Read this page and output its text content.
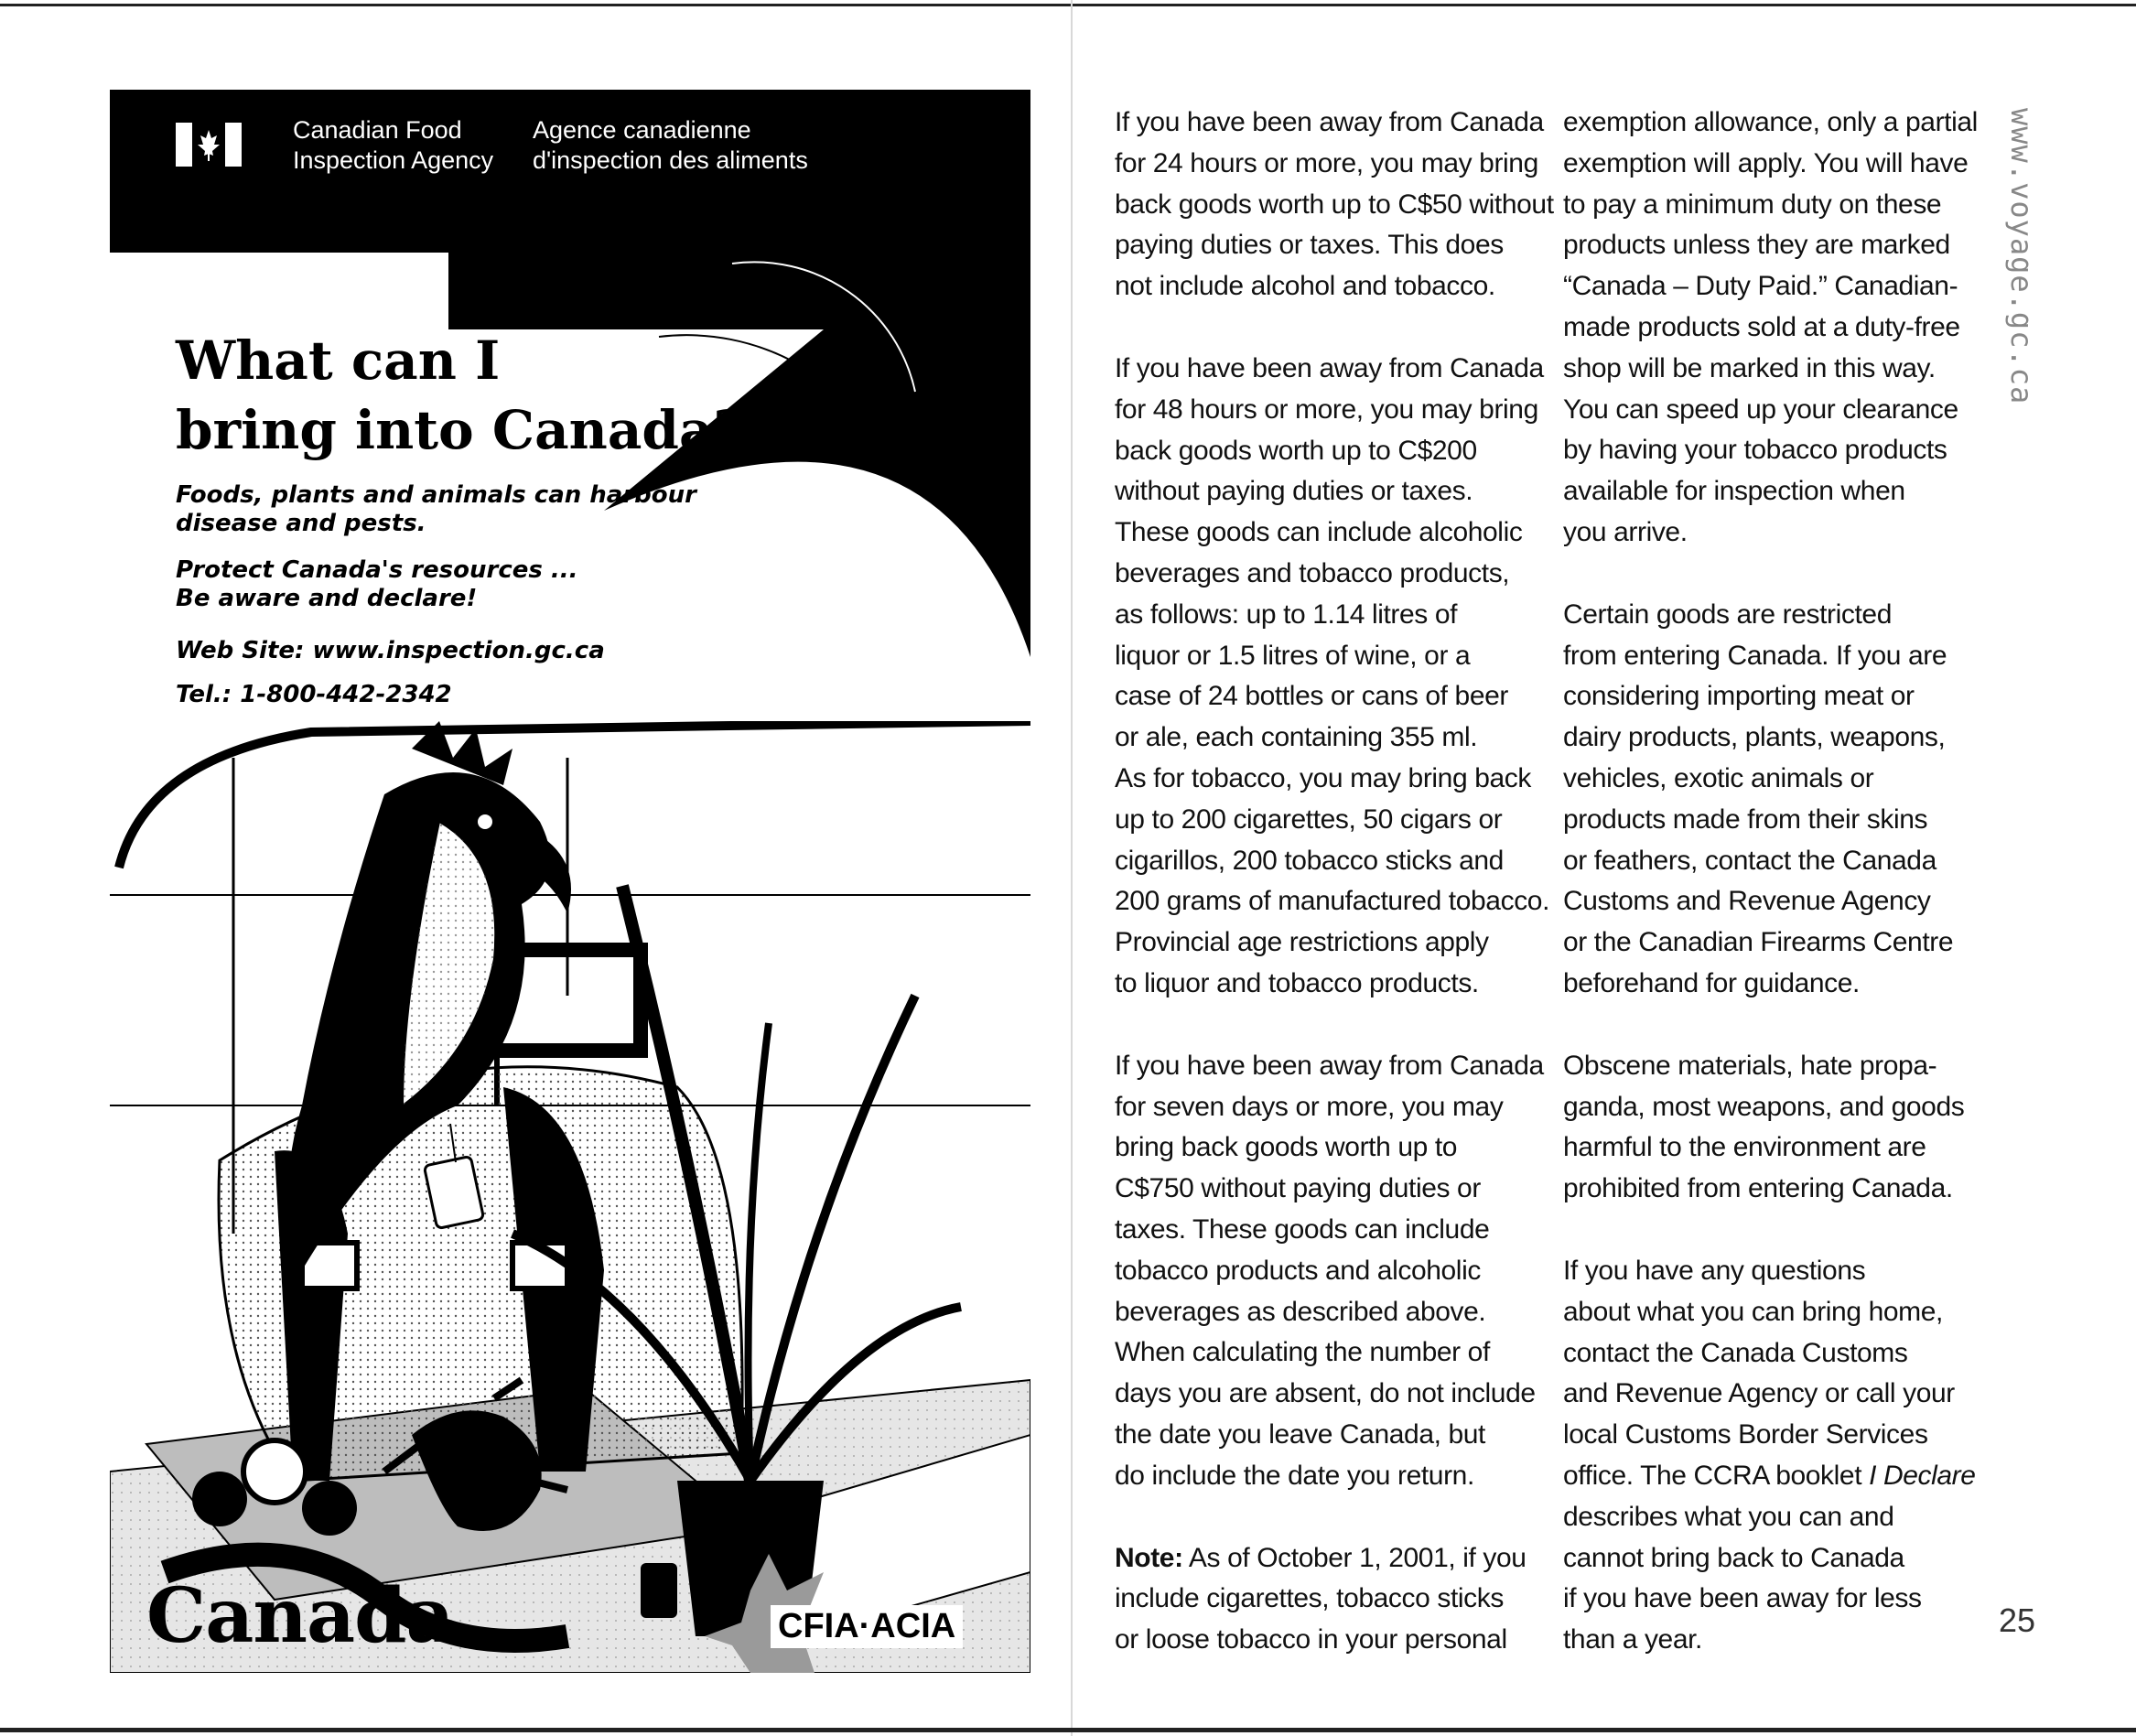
Canadian Food
Inspection Agency
Agence canadienne
d'inspection des aliments
What can I
bring into Canada?

Foods, plants and animals can harbour
disease and pests.

Protect Canada's resources ...
Be aware and declare!

Web Site: www.inspection.gc.ca

Tel.: 1-800-442-2342

Canada	CFIA·ACIA

If you have been away from Canada
for 24 hours or more, you may bring
back goods worth up to C$50 without
paying duties or taxes. This does
not include alcohol and tobacco.

If you have been away from Canada
for 48 hours or more, you may bring
back goods worth up to C$200
without paying duties or taxes.
These goods can include alcoholic
beverages and tobacco products,
as follows: up to 1.14 litres of
liquor or 1.5 litres of wine, or a
case of 24 bottles or cans of beer
or ale, each containing 355 ml.
As for tobacco, you may bring back
up to 200 cigarettes, 50 cigars or
cigarillos, 200 tobacco sticks and
200 grams of manufactured tobacco.
Provincial age restrictions apply
to liquor and tobacco products.

If you have been away from Canada
for seven days or more, you may
bring back goods worth up to
C$750 without paying duties or
taxes. These goods can include
tobacco products and alcoholic
beverages as described above.
When calculating the number of
days you are absent, do not include
the date you leave Canada, but
do include the date you return.

Note: As of October 1, 2001, if you
include cigarettes, tobacco sticks
or loose tobacco in your personal

exemption allowance, only a partial
exemption will apply. You will have
to pay a minimum duty on these
products unless they are marked
“Canada – Duty Paid.” Canadian-
made products sold at a duty-free
shop will be marked in this way.
You can speed up your clearance
by having your tobacco products
available for inspection when
you arrive.

Certain goods are restricted
from entering Canada. If you are
considering importing meat or
dairy products, plants, weapons,
vehicles, exotic animals or
products made from their skins
or feathers, contact the Canada
Customs and Revenue Agency
or the Canadian Firearms Centre
beforehand for guidance.

Obscene materials, hate propa-
ganda, most weapons, and goods
harmful to the environment are
prohibited from entering Canada.

If you have any questions
about what you can bring home,
contact the Canada Customs
and Revenue Agency or call your
local Customs Border Services
office. The CCRA booklet I Declare
describes what you can and
cannot bring back to Canada
if you have been away for less
than a year.

www.voyage.gc.ca
25
